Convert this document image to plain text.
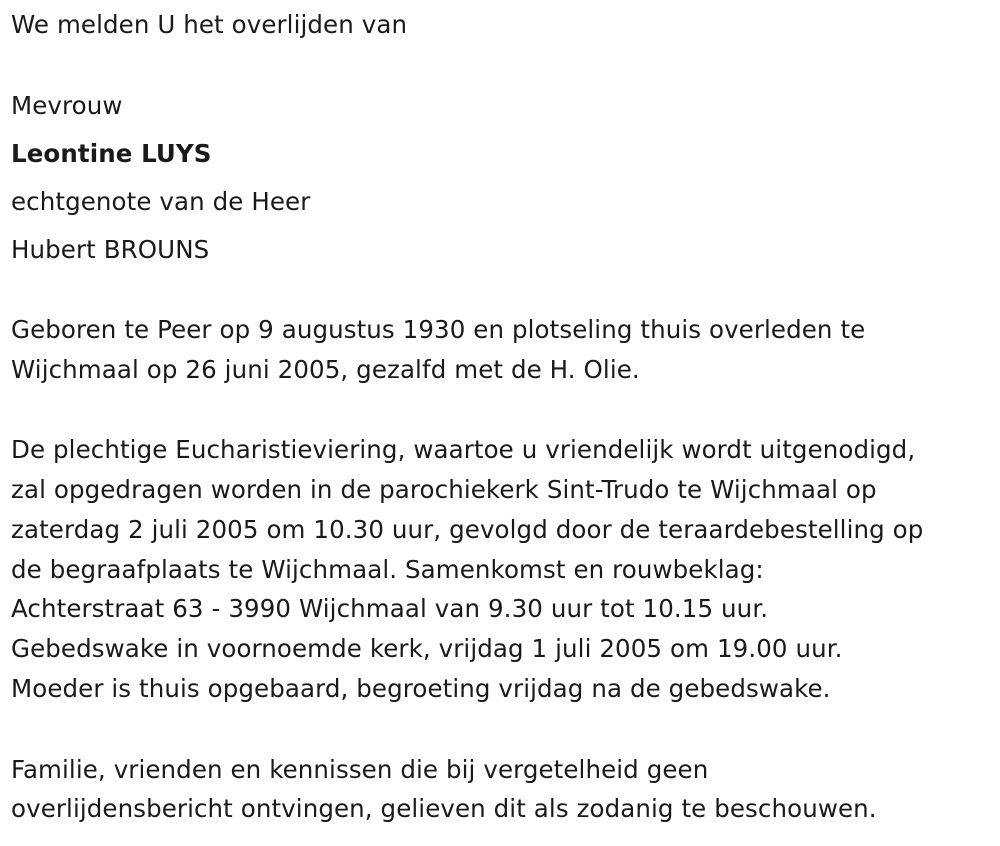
We melden U het overlijden van
Mevrouw
Leontine LUYS
echtgenote van de Heer
Hubert BROUNS
Geboren te Peer op 9 augustus 1930 en plotseling thuis overleden te
Wijchmaal op 26 juni 2005, gezalfd met de H. Olie.
De plechtige Eucharistieviering, waartoe u vriendelijk wordt uitgenodigd,
zal opgedragen worden in de parochiekerk Sint-Trudo te Wijchmaal op
zaterdag 2 juli 2005 om 10.30 uur, gevolgd door de teraardebestelling op
de begraafplaats te Wijchmaal. Samenkomst en rouwbeklag:
Achterstraat 63 - 3990 Wijchmaal van 9.30 uur tot 10.15 uur.
Gebedswake in voornoemde kerk, vrijdag 1 juli 2005 om 19.00 uur.
Moeder is thuis opgebaard, begroeting vrijdag na de gebedswake.
Familie, vrienden en kennissen die bij vergetelheid geen
overlijdensbericht ontvingen, gelieven dit als zodanig te beschouwen.
